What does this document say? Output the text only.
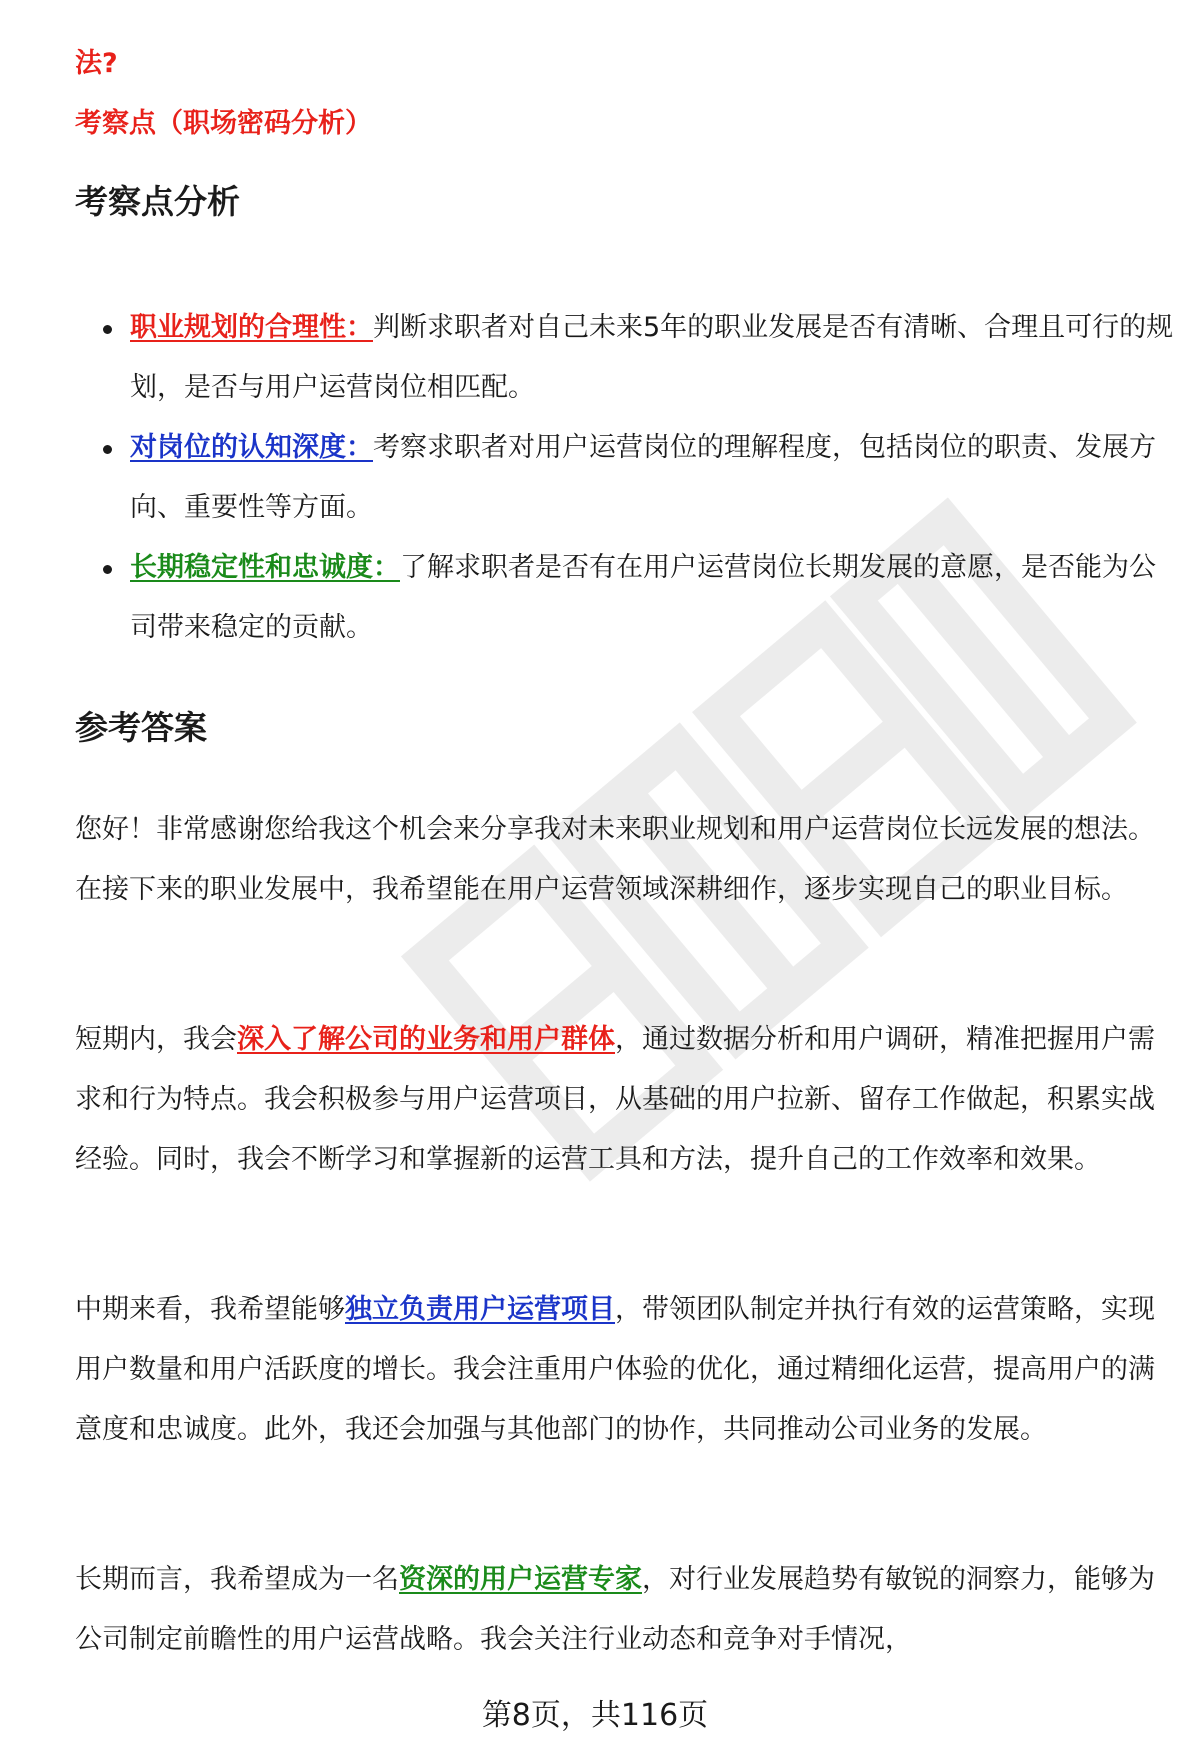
法?
考察点（职场密码分析）
考察点分析
职业规划的合理性：判断求职者对自己未来5年的职业发展是否有清晰、合理且可行的规划，是否与用户运营岗位相匹配。
对岗位的认知深度：考察求职者对用户运营岗位的理解程度，包括岗位的职责、发展方向、重要性等方面。
长期稳定性和忠诚度：了解求职者是否有在用户运营岗位长期发展的意愿，是否能为公司带来稳定的贡献。
参考答案

您好！非常感谢您给我这个机会来分享我对未来职业规划和用户运营岗位长远发展的想法。在接下来的职业发展中，我希望能在用户运营领域深耕细作，逐步实现自己的职业目标。

短期内，我会深入了解公司的业务和用户群体，通过数据分析和用户调研，精准把握用户需求和行为特点。我会积极参与用户运营项目，从基础的用户拉新、留存工作做起，积累实战经验。同时，我会不断学习和掌握新的运营工具和方法，提升自己的工作效率和效果。

中期来看，我希望能够独立负责用户运营项目，带领团队制定并执行有效的运营策略，实现用户数量和用户活跃度的增长。我会注重用户体验的优化，通过精细化运营，提高用户的满意度和忠诚度。此外，我还会加强与其他部门的协作，共同推动公司业务的发展。

长期而言，我希望成为一名资深的用户运营专家，对行业发展趋势有敏锐的洞察力，能够为公司制定前瞻性的用户运营战略。我会关注行业动态和竞争对手情况，

第8页，共116页
